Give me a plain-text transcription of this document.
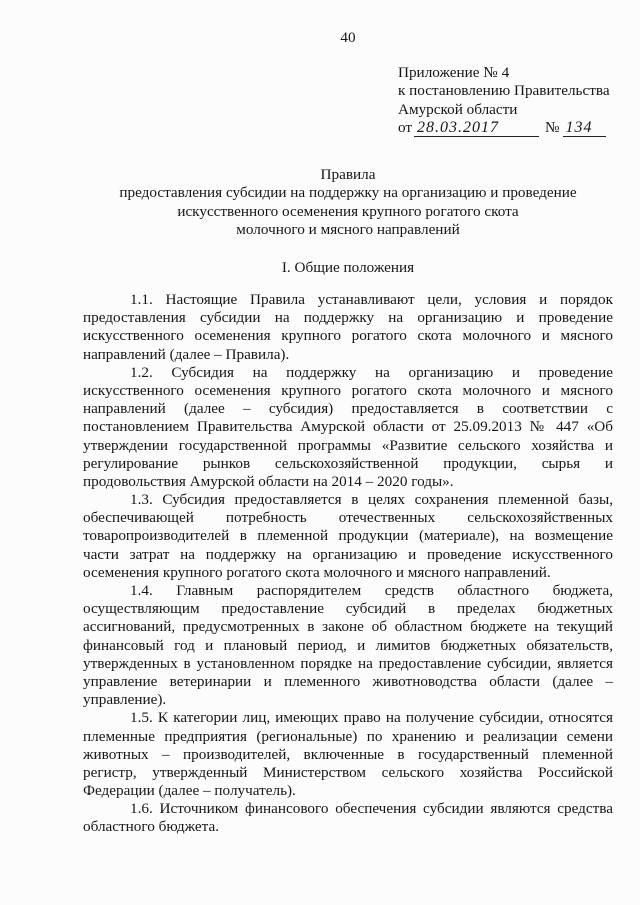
40
Приложение № 4
к постановлению Правительства
Амурской области
от 28.03.2017	№ 134
Правила
предоставления субсидии на поддержку на организацию и проведение
искусственного осеменения крупного рогатого скота
молочного и мясного направлений
I. Общие положения
1.1. Настоящие Правила устанавливают цели, условия и порядок
предоставления субсидии на поддержку на организацию и проведение
искусственного осеменения крупного рогатого скота молочного и мясного
направлений (далее – Правила).
1.2. Субсидия на поддержку на организацию и проведение
искусственного осеменения крупного рогатого скота молочного и мясного
направлений (далее – субсидия) предоставляется в соответствии с
постановлением Правительства Амурской области от 25.09.2013 № 447 «Об
утверждении государственной программы «Развитие сельского хозяйства и
регулирование рынков сельскохозяйственной продукции, сырья и
продовольствия Амурской области на 2014 – 2020 годы».
1.3. Субсидия предоставляется в целях сохранения племенной базы,
обеспечивающей потребность отечественных сельскохозяйственных
товаропроизводителей в племенной продукции (материале), на возмещение
части затрат на поддержку на организацию и проведение искусственного
осеменения крупного рогатого скота молочного и мясного направлений.
1.4. Главным распорядителем средств областного бюджета,
осуществляющим предоставление субсидий в пределах бюджетных
ассигнований, предусмотренных в законе об областном бюджете на текущий
финансовый год и плановый период, и лимитов бюджетных обязательств,
утвержденных в установленном порядке на предоставление субсидии, является
управление ветеринарии и племенного животноводства области (далее –
управление).
1.5. К категории лиц, имеющих право на получение субсидии, относятся
племенные предприятия (региональные) по хранению и реализации семени
животных – производителей, включенные в государственный племенной
регистр, утвержденный Министерством сельского хозяйства Российской
Федерации (далее – получатель).
1.6. Источником финансового обеспечения субсидии являются средства
областного бюджета.
